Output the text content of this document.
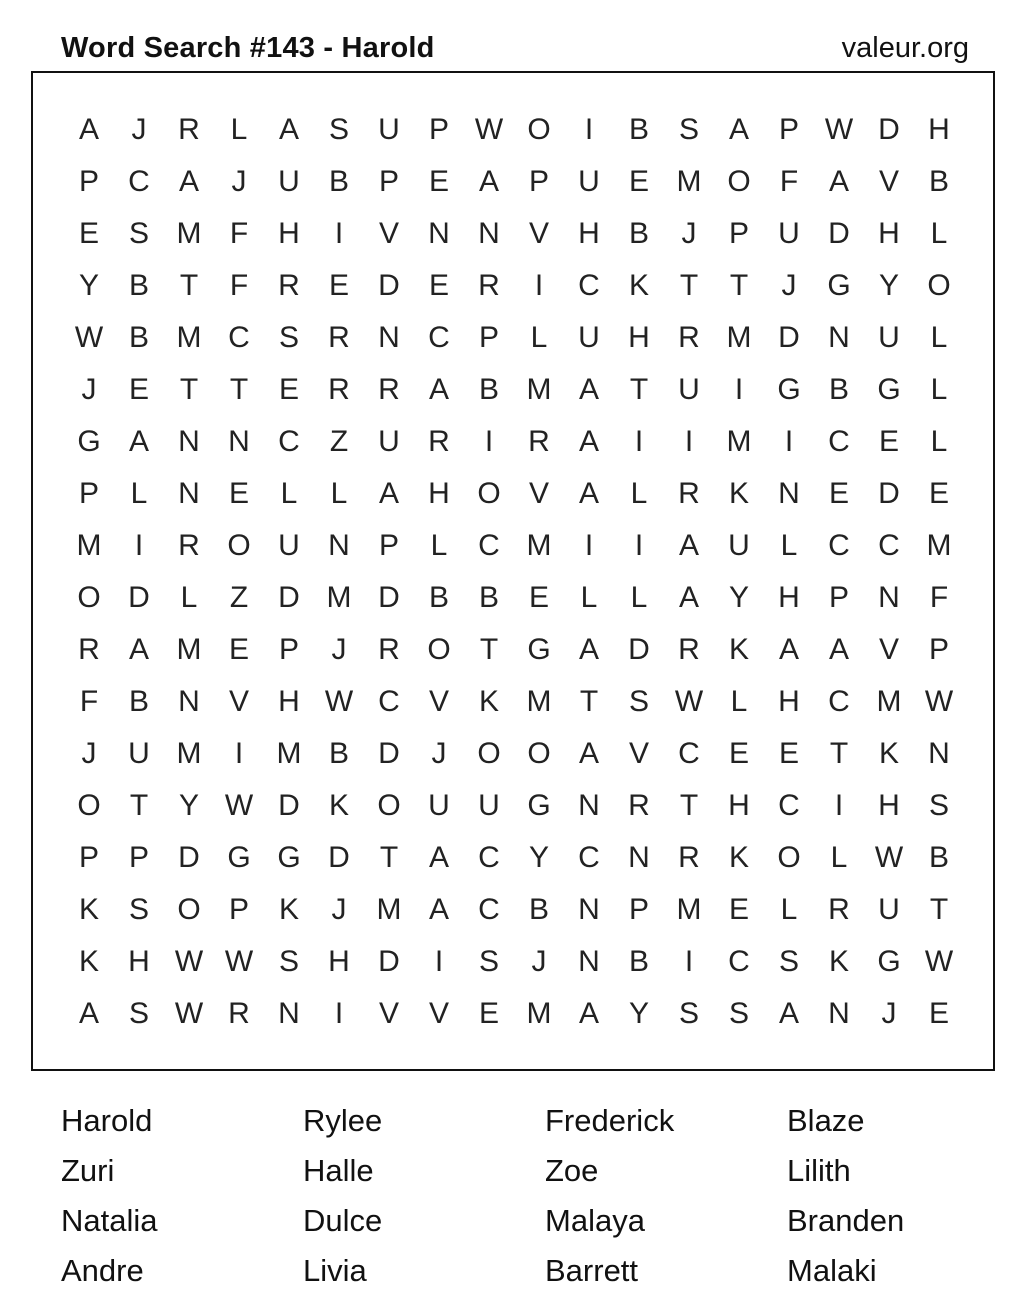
Word Search #143 - Harold	valeur.org
A	J	R	L	A S U P W O	I	B S A P W D H
P C A	J	U B P E A P U E M O F	A V B
E S M F	H	I	V N N V H B	J	P U D H	L
Y B	T	F	R E D E R	I	C K	T	T	J	G Y O
W B M C S R N C P	L	U H R M D N U	L
J	E	T	T	E R R A B M A	T	U	I	G B G L
G A N N C	Z	U R	I	R A	I	I	M	I	C E	L
P	L	N E	L	L	A H O V A	L	R K N E D E
M	I	R O U N P	L	C M	I	I	A U	L	C C M
O D	L	Z	D M D B B E	L	L	A Y H P N	F
R A M E P	J	R O T G A D R K A A V P
F	B N V H W C V K M T	S W L	H C M W
J	U M	I	M B D	J	O O A V C E E	T	K N
O T	Y W D K O U U G N R	T	H C	I	H S
P P D G G D	T	A C Y C N R K O L W B
K S O P K	J	M A C B N P M E	L	R U	T
K H W W S H D	I	S	J	N B	I	C S K G W
A S W R N	I	V V E M A Y S S A N	J	E
Harold	Rylee	Frederick	Blaze
Zuri	Halle	Zoe	Lilith
Natalia	Dulce	Malaya	Branden
Andre	Livia	Barrett	Malaki
